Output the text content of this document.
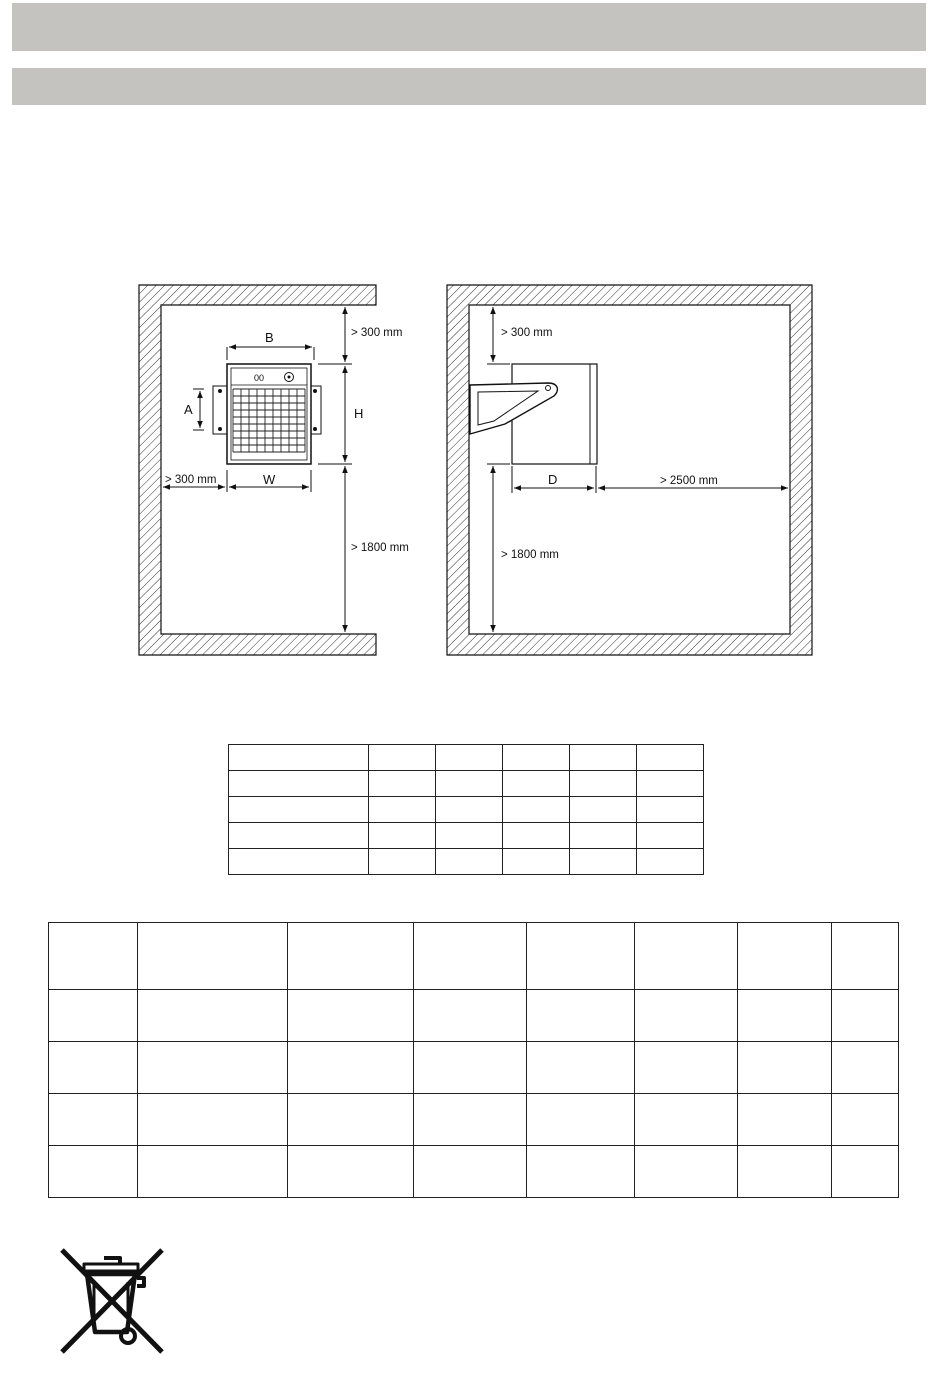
00
B
A	H
W
> 300 mm
> 300 mm
> 1800 mm
> 300 mm
D	> 2500 mm
> 1800 mm
